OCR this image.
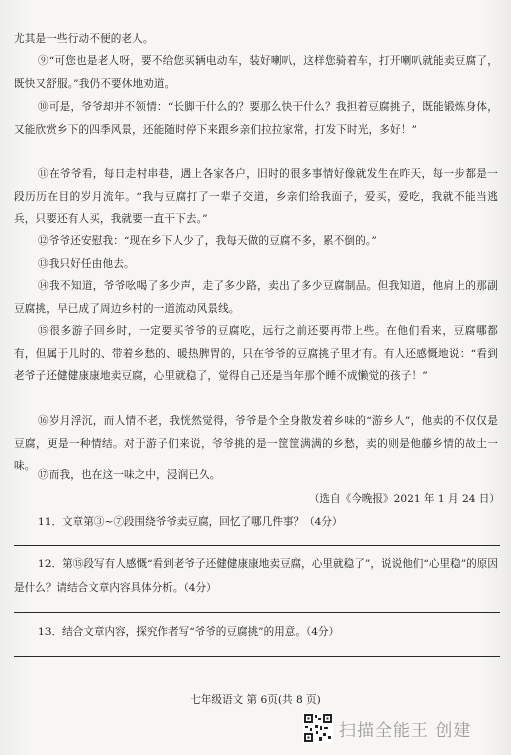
尤其是一些行动不便的老人。
⑨“可您也是老人呀，要不给您买辆电动车，装好喇叭，这样您骑着车，打开喇叭就能卖豆腐了，既快又舒服。”我仍不要休地劝道。
⑩可是，爷爷却并不领情：“长脚干什么的？要那么快干什么？我担着豆腐挑子，既能锻炼身体，又能欣赏乡下的四季风景，还能随时停下来跟乡亲们拉拉家常，打发下时光，多好！”
⑪在爷爷看，每日走村串巷，遇上各家各户，旧时的很多事情好像就发生在昨天，每一步都是一段历历在目的岁月流年。“我与豆腐打了一辈子交道，乡亲们给我面子，爱买，爱吃，我就不能当逃兵，只要还有人买，我就要一直干下去。”
⑫爷爷还安慰我：“现在乡下人少了，我每天做的豆腐不多，累不倒的。”
⑬我只好任由他去。
⑭我不知道，爷爷吆喝了多少声，走了多少路，卖出了多少豆腐制品。但我知道，他肩上的那副豆腐挑，早已成了周边乡村的一道流动风景线。
⑮很多游子回乡时，一定要买爷爷的豆腐吃，远行之前还要再带上些。在他们看来，豆腐哪都有，但属于儿时的、带着乡愁的、暖热脾胃的，只在爷爷的豆腐挑子里才有。有人还感慨地说：“看到老爷子还健健康康地卖豆腐，心里就稳了，觉得自己还是当年那个睡不成懒觉的孩子！”
⑯岁月浮沉，而人情不老，我恍然觉得，爷爷是个全身散发着乡味的“游乡人”，他卖的不仅仅是豆腐，更是一种情结。对于游子们来说，爷爷挑的是一筐筐满满的乡愁，卖的则是他藤乡情的故土一味。
⑰而我，也在这一味之中，浸润已久。
（选自《今晚报》2021 年 1 月 24 日）
11．文章第③~⑦段围绕爷爷卖豆腐，回忆了哪几件事？（4分）
12．第⑮段写有人感慨“看到老爷子还健健康康地卖豆腐，心里就稳了”，说说他们“心里稳”的原因是什么？请结合文章内容具体分析。（4分）
13．结合文章内容，探究作者写“爷爷的豆腐挑”的用意。（4分）
七年级语文 第 6页(共 8 页)
扫描全能王 创建
